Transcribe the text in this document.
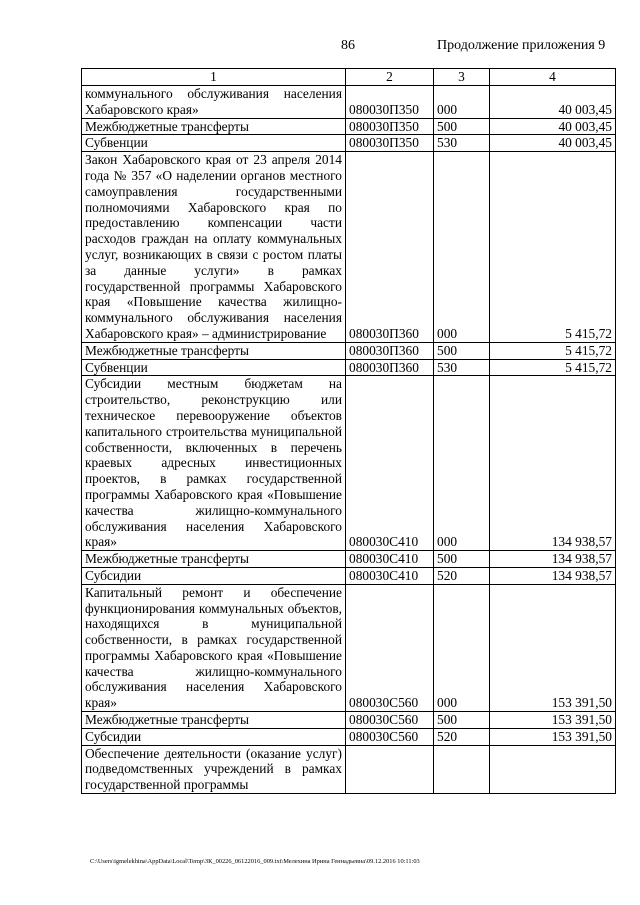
86	Продолжение приложения 9
1	2	3	4
коммунального обслуживания населения Хабаровского края»	080030П350	000	40 003,45
Межбюджетные трансферты	080030П350	500	40 003,45
Субвенции	080030П350	530	40 003,45
Закон Хабаровского края от 23 апреля 2014 года № 357 «О наделении органов местного самоуправления государственными полномочиями Хабаровского края по предоставлению компенсации части расходов граждан на оплату коммунальных услуг, возникающих в связи с ростом платы за данные услуги» в рамках государственной программы Хабаровского края «Повышение качества жилищно-коммунального обслуживания населения Хабаровского края» – администрирование	080030П360	000	5 415,72
Межбюджетные трансферты	080030П360	500	5 415,72
Субвенции	080030П360	530	5 415,72
Субсидии местным бюджетам на строительство, реконструкцию или техническое перевооружение объектов капитального строительства муниципальной собственности, включенных в перечень краевых адресных инвестиционных проектов, в рамках государственной программы Хабаровского края «Повышение качества жилищно-коммунального обслуживания населения Хабаровского края»	080030С410	000	134 938,57
Межбюджетные трансферты	080030С410	500	134 938,57
Субсидии	080030С410	520	134 938,57
Капитальный ремонт и обеспечение функционирования коммунальных объектов, находящихся в муниципальной собственности, в рамках государственной программы Хабаровского края «Повышение качества жилищно-коммунального обслуживания населения Хабаровского края»	080030С560	000	153 391,50
Межбюджетные трансферты	080030С560	500	153 391,50
Субсидии	080030С560	520	153 391,50
Обеспечение деятельности (оказание услуг) подведомственных учреждений в рамках государственной программы			
C:\Users\igmelekhina\AppData\Local\Temp\ЗК_00226_06122016_009.txt\Мелехина Ирина Геннадьевна\09.12.2016 10:11:03
